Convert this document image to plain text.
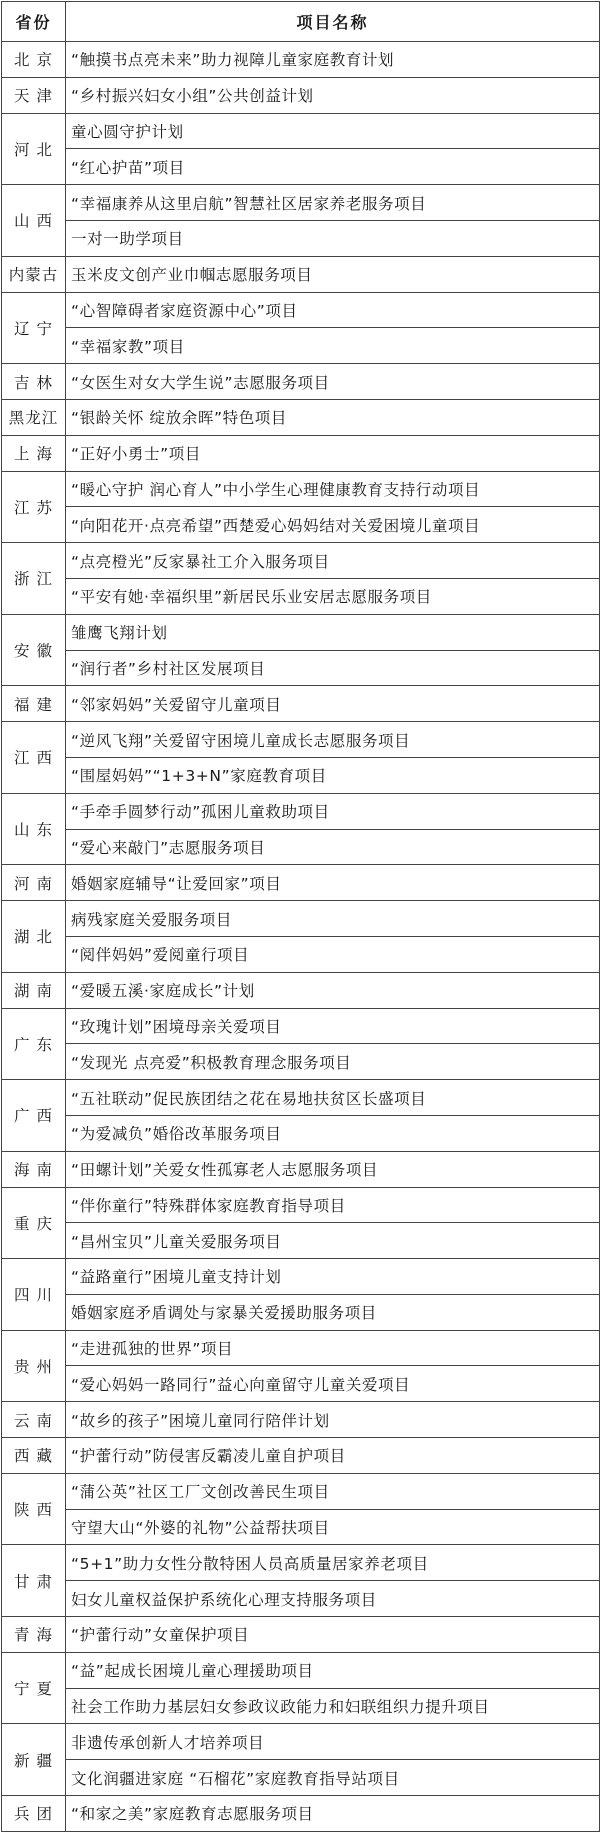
省份	项目名称
北 京	“触摸书点亮未来”助力视障儿童家庭教育计划
天 津	“乡村振兴妇女小组”公共创益计划
河 北	童心圆守护计划
	“红心护苗”项目
山 西	“幸福康养从这里启航”智慧社区居家养老服务项目
	一对一助学项目
内蒙古	玉米皮文创产业巾帼志愿服务项目
辽 宁	“心智障碍者家庭资源中心”项目
	“幸福家教”项目
吉 林	“女医生对女大学生说”志愿服务项目
黑龙江	“银龄关怀 绽放余晖”特色项目
上 海	“正好小勇士”项目
江 苏	“暖心守护 润心育人”中小学生心理健康教育支持行动项目
	“向阳花开·点亮希望”西楚爱心妈妈结对关爱困境儿童项目
浙 江	“点亮橙光”反家暴社工介入服务项目
	“平安有她·幸福织里”新居民乐业安居志愿服务项目
安 徽	雏鹰飞翔计划
	“润行者”乡村社区发展项目
福 建	“邻家妈妈”关爱留守儿童项目
江 西	“逆风飞翔”关爱留守困境儿童成长志愿服务项目
	“围屋妈妈”“1+3+N”家庭教育项目
山 东	“手牵手圆梦行动”孤困儿童救助项目
	“爱心来敲门”志愿服务项目
河 南	婚姻家庭辅导“让爱回家”项目
湖 北	病残家庭关爱服务项目
	“阅伴妈妈”爱阅童行项目
湖 南	“爱暖五溪·家庭成长”计划
广 东	“玫瑰计划”困境母亲关爱项目
	“发现光 点亮爱”积极教育理念服务项目
广 西	“五社联动”促民族团结之花在易地扶贫区长盛项目
	“为爱减负”婚俗改革服务项目
海 南	“田螺计划”关爱女性孤寡老人志愿服务项目
重 庆	“伴你童行”特殊群体家庭教育指导项目
	“昌州宝贝”儿童关爱服务项目
四 川	“益路童行”困境儿童支持计划
	婚姻家庭矛盾调处与家暴关爱援助服务项目
贵 州	“走进孤独的世界”项目
	“爱心妈妈一路同行”益心向童留守儿童关爱项目
云 南	“故乡的孩子”困境儿童同行陪伴计划
西 藏	“护蕾行动”防侵害反霸凌儿童自护项目
陕 西	“蒲公英”社区工厂文创改善民生项目
	守望大山“外婆的礼物”公益帮扶项目
甘 肃	“5+1”助力女性分散特困人员高质量居家养老项目
	妇女儿童权益保护系统化心理支持服务项目
青 海	“护蕾行动”女童保护项目
宁 夏	“益”起成长困境儿童心理援助项目
	社会工作助力基层妇女参政议政能力和妇联组织力提升项目
新 疆	非遗传承创新人才培养项目
	文化润疆进家庭 “石榴花”家庭教育指导站项目
兵 团	“和家之美”家庭教育志愿服务项目
